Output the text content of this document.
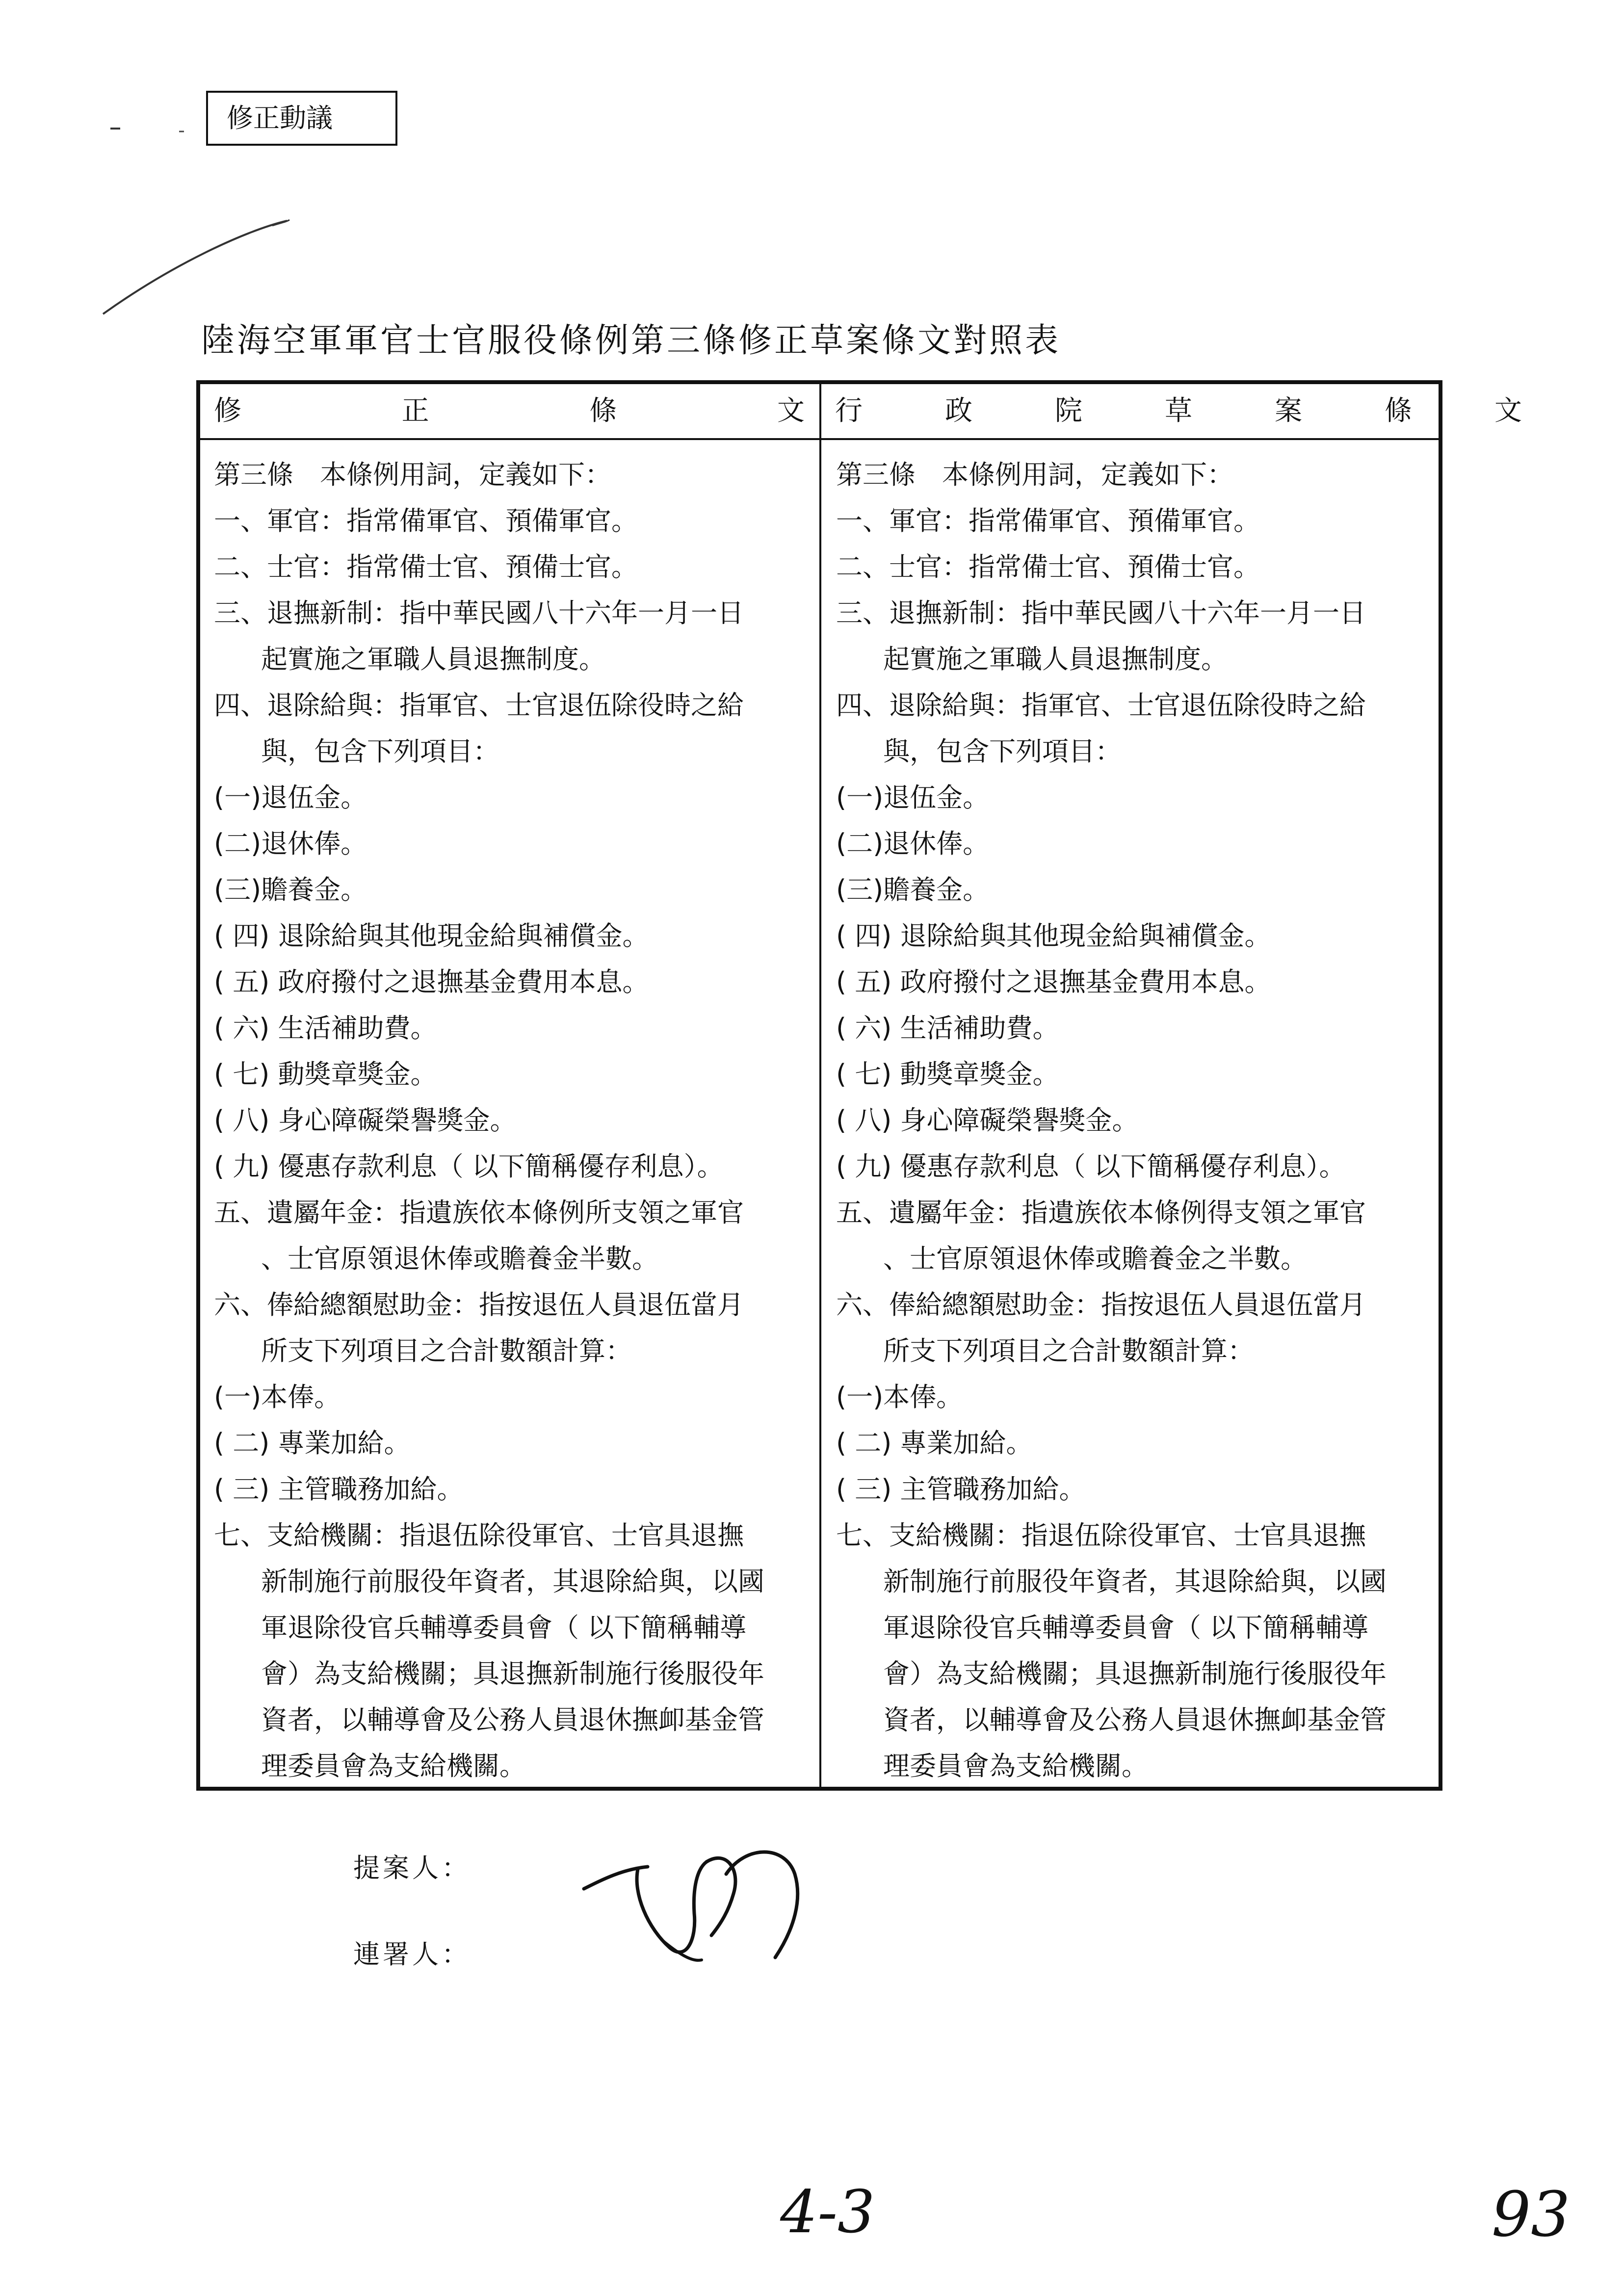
修正動議
陸海空軍軍官士官服役條例第三條修正草案條文對照表
修　　　　　正　　　　　條　　　　　文	行　　　政　　　院　　　草　　　案　　　條　　　文
第三條　本條例用詞，定義如下：
一、軍官：指常備軍官、預備軍官。
二、士官：指常備士官、預備士官。
三、退撫新制：指中華民國八十六年一月一日
起實施之軍職人員退撫制度。
四、退除給與：指軍官、士官退伍除役時之給
與，包含下列項目：
(一)退伍金。
(二)退休俸。
(三)贍養金。
( 四) 退除給與其他現金給與補償金。
( 五) 政府撥付之退撫基金費用本息。
( 六) 生活補助費。
( 七) 動獎章獎金。
( 八) 身心障礙榮譽獎金。
( 九) 優惠存款利息（ 以下簡稱優存利息）。
五、遺屬年金：指遺族依本條例所支領之軍官
、士官原領退休俸或贍養金半數。
六、俸給總額慰助金：指按退伍人員退伍當月
所支下列項目之合計數額計算：
(一)本俸。
( 二) 專業加給。
( 三) 主管職務加給。
七、支給機關：指退伍除役軍官、士官具退撫
新制施行前服役年資者，其退除給與，以國
軍退除役官兵輔導委員會（ 以下簡稱輔導
會）為支給機關；具退撫新制施行後服役年
資者，以輔導會及公務人員退休撫卹基金管
理委員會為支給機關。
第三條　本條例用詞，定義如下：
一、軍官：指常備軍官、預備軍官。
二、士官：指常備士官、預備士官。
三、退撫新制：指中華民國八十六年一月一日
起實施之軍職人員退撫制度。
四、退除給與：指軍官、士官退伍除役時之給
與，包含下列項目：
(一)退伍金。
(二)退休俸。
(三)贍養金。
( 四) 退除給與其他現金給與補償金。
( 五) 政府撥付之退撫基金費用本息。
( 六) 生活補助費。
( 七) 動獎章獎金。
( 八) 身心障礙榮譽獎金。
( 九) 優惠存款利息（ 以下簡稱優存利息）。
五、遺屬年金：指遺族依本條例得支領之軍官
、士官原領退休俸或贍養金之半數。
六、俸給總額慰助金：指按退伍人員退伍當月
所支下列項目之合計數額計算：
(一)本俸。
( 二) 專業加給。
( 三) 主管職務加給。
七、支給機關：指退伍除役軍官、士官具退撫
新制施行前服役年資者，其退除給與，以國
軍退除役官兵輔導委員會（ 以下簡稱輔導
會）為支給機關；具退撫新制施行後服役年
資者，以輔導會及公務人員退休撫卹基金管
理委員會為支給機關。
提案人：
連署人：
4-3	93
